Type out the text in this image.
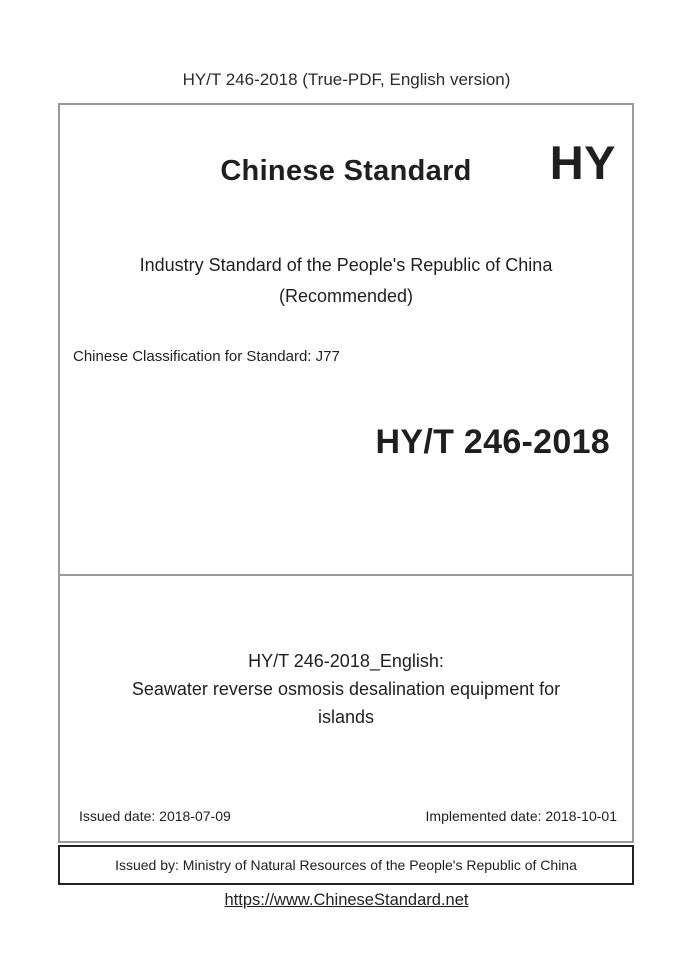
HY/T 246-2018 (True-PDF, English version)
Chinese Standard	HY
Industry Standard of the People's Republic of China
(Recommended)
Chinese Classification for Standard: J77
HY/T 246-2018
HY/T 246-2018_English:
Seawater reverse osmosis desalination equipment for
islands
Issued date: 2018-07-09	Implemented date: 2018-10-01
Issued by: Ministry of Natural Resources of the People's Republic of China
https://www.ChineseStandard.net
